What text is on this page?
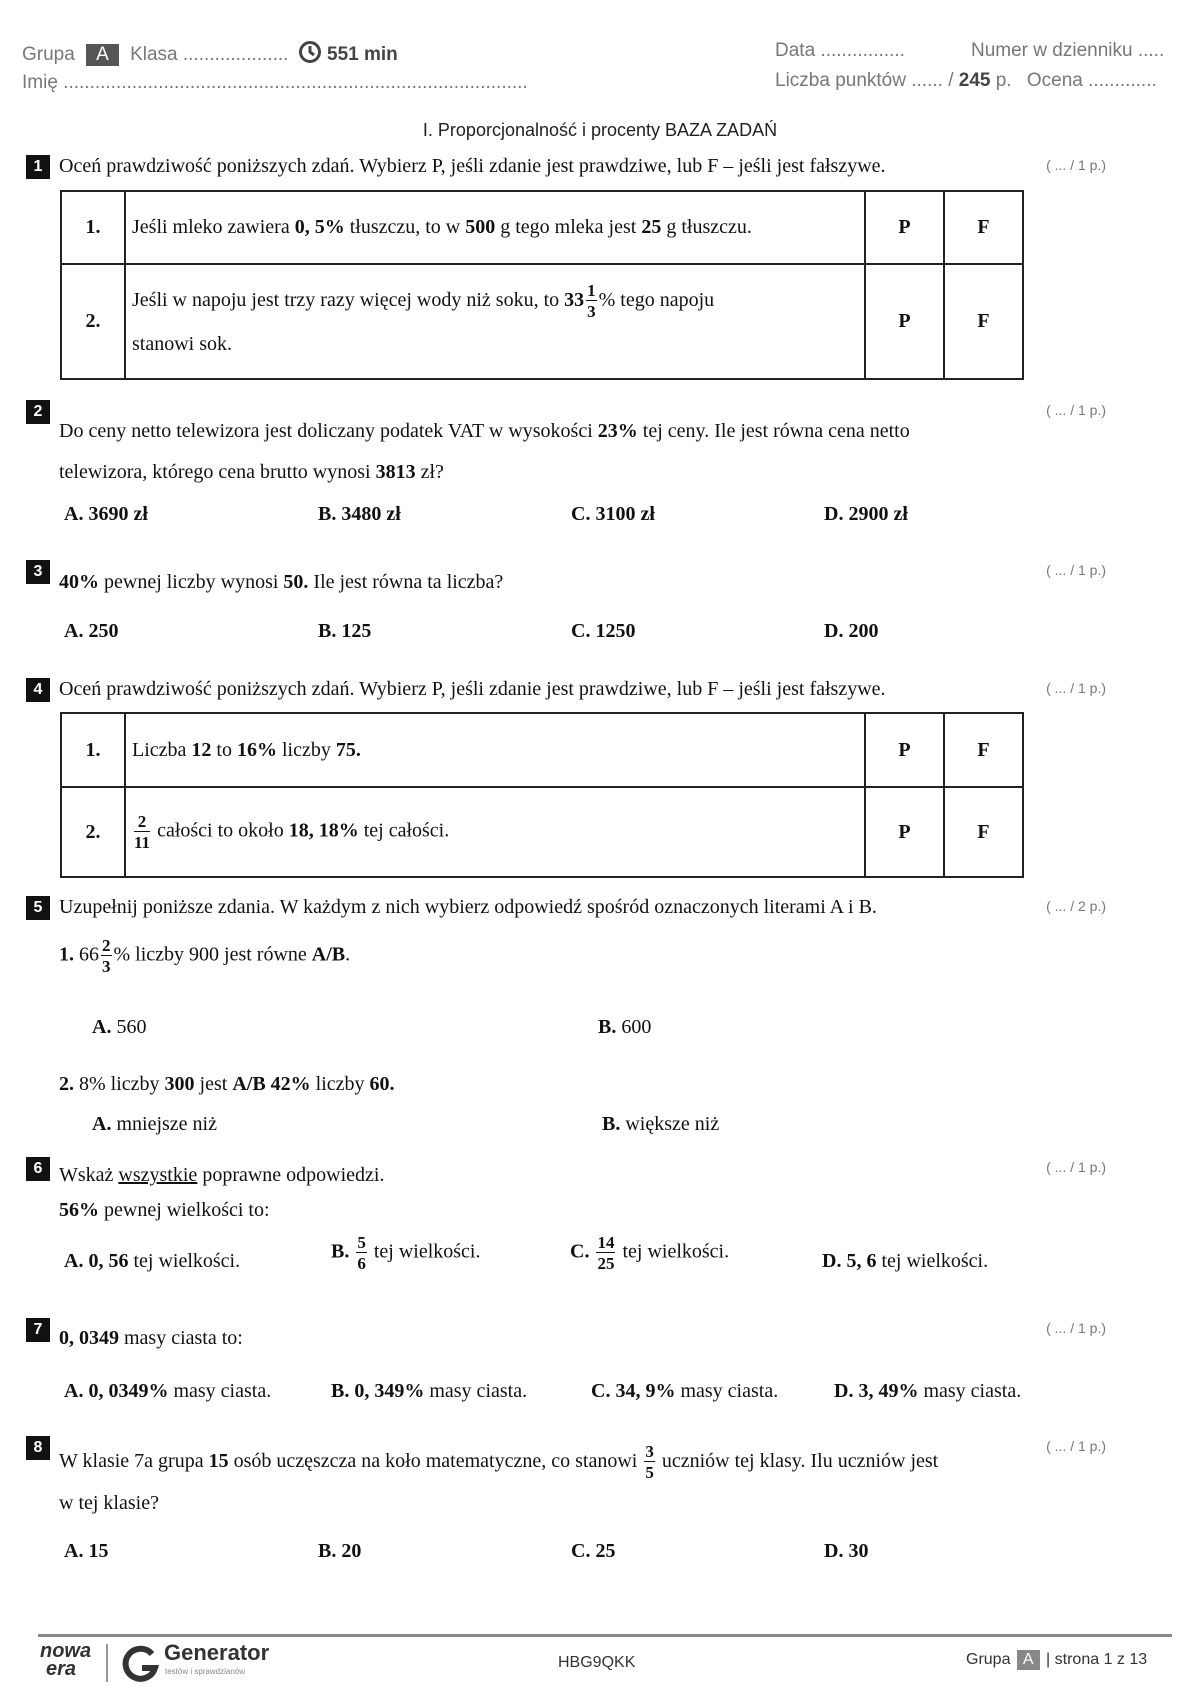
Grupa A Klasa .................... 551 min
Imię ........................................................................................
Data ................	Numer w dzienniku .....
Liczba punktów ...... / 245 p. Ocena .............
I. Proporcjonalność i procenty BAZA ZADAŃ
1 Oceń prawdziwość poniższych zdań. Wybierz P, jeśli zdanie jest prawdziwe, lub F – jeśli jest fałszywe.	( ... / 1 p.)
1.	Jeśli mleko zawiera 0, 5% tłuszczu, to w 500 g tego mleka jest 25 g tłuszczu.	P	F
2.	Jeśli w napoju jest trzy razy więcej wody niż soku, to $33 \frac{1}{3}$ % tego napoju
stanowi sok.	P	F
2	( ... / 1 p.)
Do ceny netto telewizora jest doliczany podatek VAT w wysokości 23% tej ceny. Ile jest równa cena netto
telewizora, którego cena brutto wynosi 3813 zł?
A. 3690 zł	B. 3480 zł	C. 3100 zł	D. 2900 zł
3	( ... / 1 p.)
40% pewnej liczby wynosi 50. Ile jest równa ta liczba?
A. 250	B. 125	C. 1250	D. 200
4 Oceń prawdziwość poniższych zdań. Wybierz P, jeśli zdanie jest prawdziwe, lub F – jeśli jest fałszywe.	( ... / 1 p.)
1.	Liczba 12 to 16% liczby 75.	P	F
2.	$\frac{2}{11}$ całości to około 18, 18% tej całości.	P	F
5 Uzupełnij poniższe zdania. W każdym z nich wybierz odpowiedź spośród oznaczonych literami A i B.	( ... / 2 p.)
1. $66 \frac{2}{3}$ % liczby 900 jest równe A/B.
A. 560	B. 600
2. 8% liczby 300 jest A/B 42% liczby 60.
A. mniejsze niż	B. większe niż
6	( ... / 1 p.)
Wskaż wszystkie poprawne odpowiedzi.
56% pewnej wielkości to:
A. 0, 56 tej wielkości.	B. $\frac{5}{6}$ tej wielkości.	C. $\frac{14}{25}$ tej wielkości.	D. 5, 6 tej wielkości.
7	( ... / 1 p.)
0, 0349 masy ciasta to:
A. 0, 0349% masy ciasta.	B. 0, 349% masy ciasta.	C. 34, 9% masy ciasta.	D. 3, 49% masy ciasta.
8	( ... / 1 p.)
W klasie 7a grupa 15 osób uczęszcza na koło matematyczne, co stanowi $\frac{3}{5}$ uczniów tej klasy. Ilu uczniów jest
w tej klasie?
A. 15	B. 20	C. 25	D. 30
nowa
era
Generator
testów i sprawdzianów
HBG9QKK	Grupa A | strona 1 z 13
